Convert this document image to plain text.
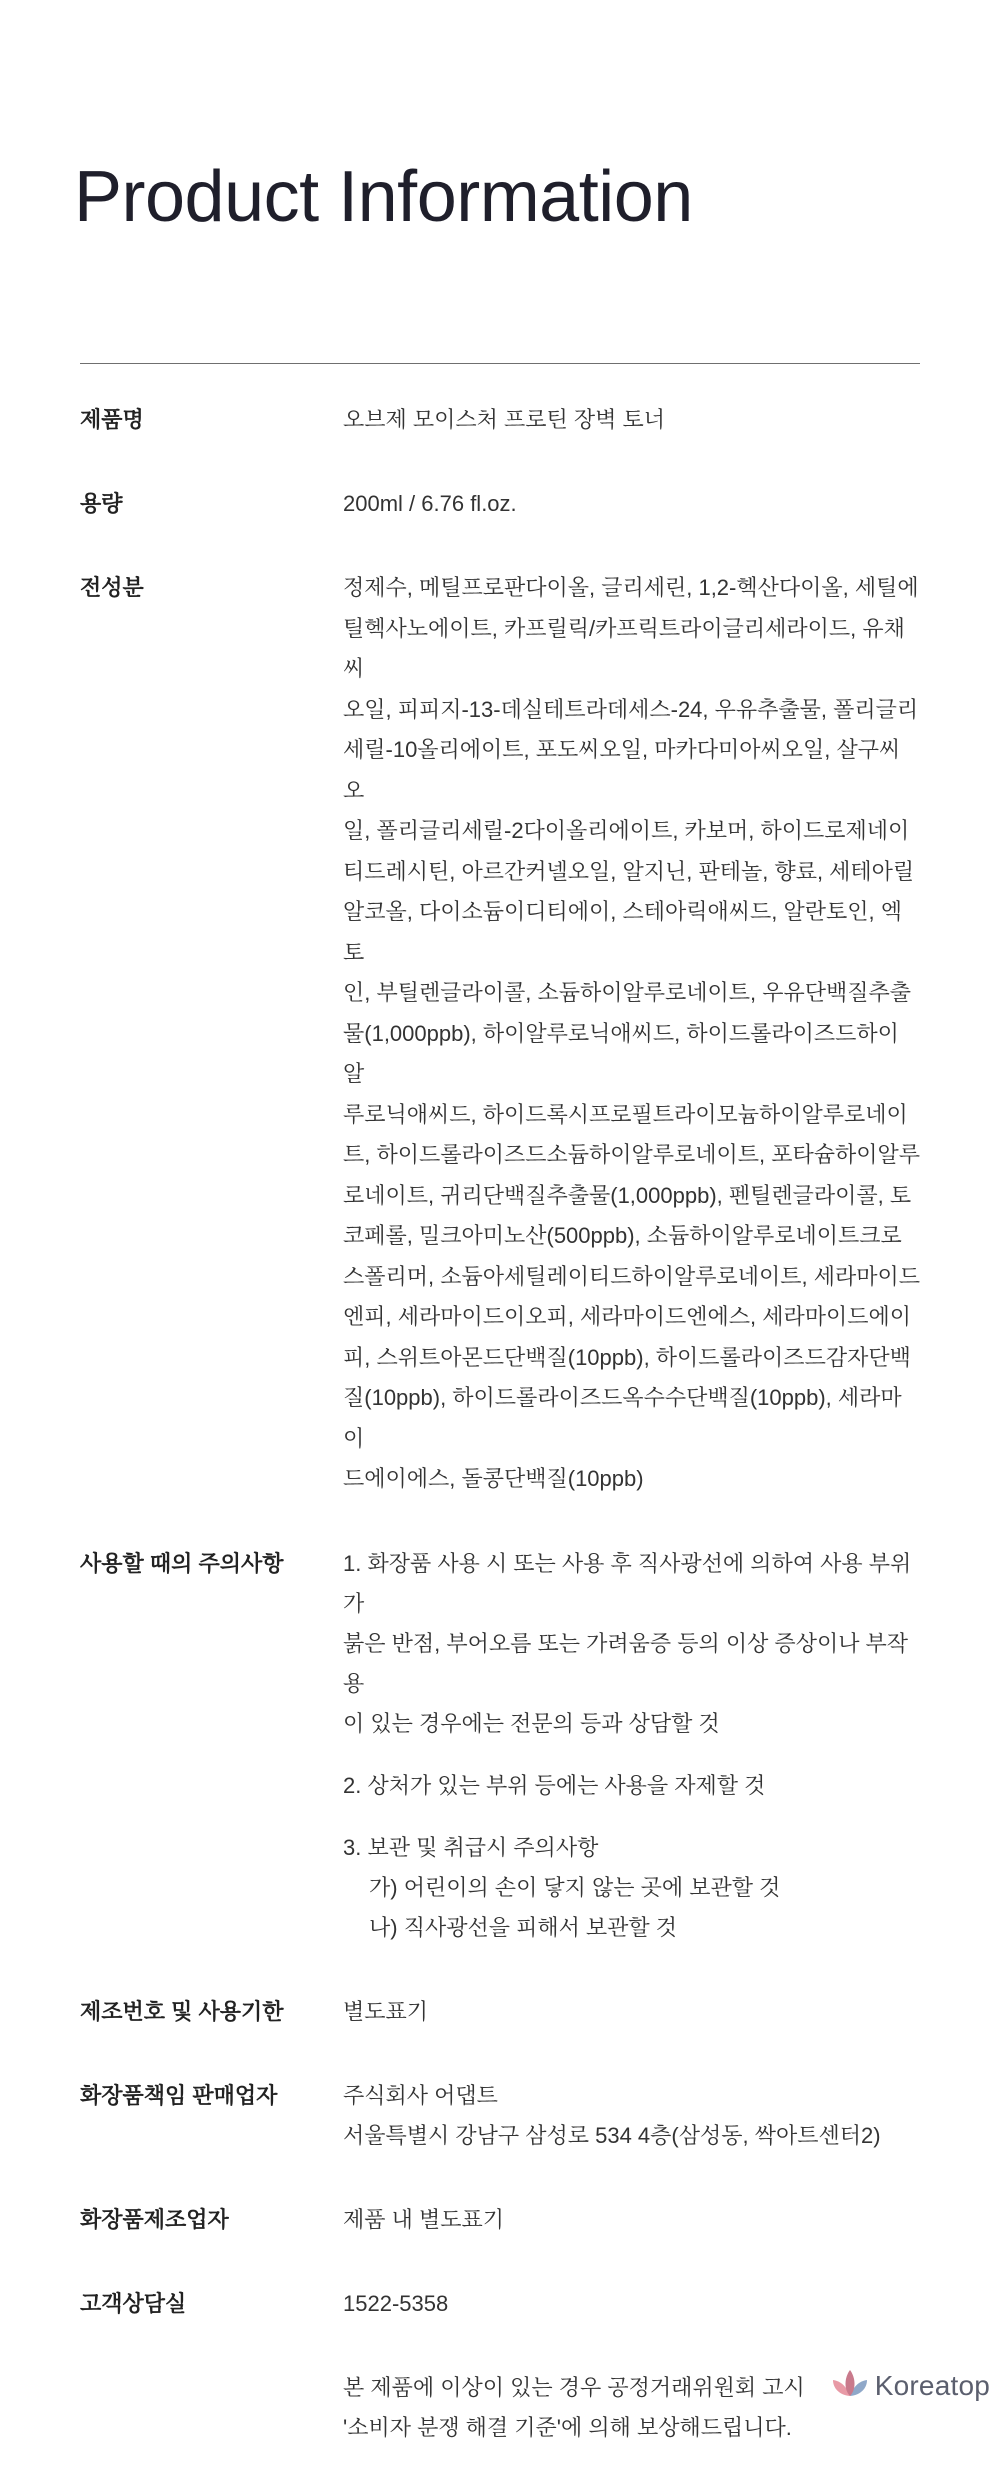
Product Information
제품명	오브제 모이스처 프로틴 장벽 토너
용량	200ml / 6.76 fl.oz.
전성분	정제수, 메틸프로판다이올, 글리세린, 1,2-헥산다이올, 세틸에
틸헥사노에이트, 카프릴릭/카프릭트라이글리세라이드, 유채씨
오일, 피피지-13-데실테트라데세스-24, 우유추출물, 폴리글리
세릴-10올리에이트, 포도씨오일, 마카다미아씨오일, 살구씨오
일, 폴리글리세릴-2다이올리에이트, 카보머, 하이드로제네이
티드레시틴, 아르간커넬오일, 알지닌, 판테놀, 향료, 세테아릴
알코올, 다이소듐이디티에이, 스테아릭애씨드, 알란토인, 엑토
인, 부틸렌글라이콜, 소듐하이알루로네이트, 우유단백질추출
물(1,000ppb), 하이알루로닉애씨드, 하이드롤라이즈드하이알
루로닉애씨드, 하이드록시프로필트라이모늄하이알루로네이
트, 하이드롤라이즈드소듐하이알루로네이트, 포타슘하이알루
로네이트, 귀리단백질추출물(1,000ppb), 펜틸렌글라이콜, 토
코페롤, 밀크아미노산(500ppb), 소듐하이알루로네이트크로
스폴리머, 소듐아세틸레이티드하이알루로네이트, 세라마이드
엔피, 세라마이드이오피, 세라마이드엔에스, 세라마이드에이
피, 스위트아몬드단백질(10ppb), 하이드롤라이즈드감자단백
질(10ppb), 하이드롤라이즈드옥수수단백질(10ppb), 세라마이
드에이에스, 돌콩단백질(10ppb)
사용할 때의 주의사항	1. 화장품 사용 시 또는 사용 후 직사광선에 의하여 사용 부위가
붉은 반점, 부어오름 또는 가려움증 등의 이상 증상이나 부작용
이 있는 경우에는 전문의 등과 상담할 것
2. 상처가 있는 부위 등에는 사용을 자제할 것
3. 보관 및 취급시 주의사항
가) 어린이의 손이 닿지 않는 곳에 보관할 것
나) 직사광선을 피해서 보관할 것
제조번호 및 사용기한	별도표기
화장품책임 판매업자	주식회사 어댑트
서울특별시 강남구 삼성로 534 4층(삼성동, 싹아트센터2)
화장품제조업자	제품 내 별도표기
고객상담실	1522-5358
본 제품에 이상이 있는 경우 공정거래위원회 고시
'소비자 분쟁 해결 기준'에 의해 보상해드립니다.
Koreatop
